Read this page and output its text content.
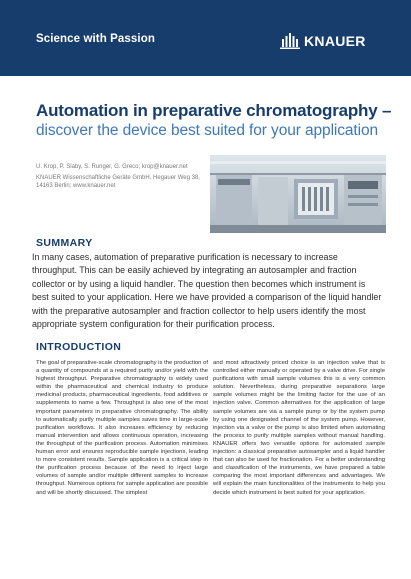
Science with Passion	KNAUER
Automation in preparative chromatography –
discover the device best suited for your application
U. Krop, P. Slaby, S. Runger, G. Greco; krop@knauer.net
KNAUER Wissenschaftliche Geräte GmbH, Hegauer Weg 38, 14163 Berlin; www.knauer.net
SUMMARY
In many cases, automation of preparative purification is necessary to increase throughput. This can be easily achieved by integrating an autosampler and fraction collector or by using a liquid handler. The question then becomes which instrument is best suited to your application. Here we have provided a comparison of the liquid handler with the preparative autosampler and fraction collector to help users identify the most appropriate system configuration for their purification process.
INTRODUCTION
The goal of preparative-scale chromatography is the production of a quantity of compounds at a required purity and/or yield with the highest throughput. Preparative chromatography is widely used within the pharmaceutical and chemical industry to produce medicinal products, pharmaceutical ingredients, food additives or supplements to name a few. Throughput is also one of the most important parameters in preparative chromatography. The ability to automatically purify multiple samples saves time in large-scale purification workflows. It also increases efficiency by reducing manual intervention and allows continuous operation, increasing the throughput of the purification process. Automation minimises human error and ensures reproducible sample injections, leading to more consistent results. Sample application is a critical step in the purification process because of the need to inject large volumes of sample and/or multiple different samples to increase throughput. Numerous options for sample application are possible and will be shortly discussed. The simplest
and most attractively priced choice is an injection valve that is controlled either manually or operated by a valve drive. For single purifications with small sample volumes this is a very common solution. Nevertheless, during preparative separations large sample volumes might be the limiting factor for the use of an injection valve. Common alternatives for the application of large sample volumes are via a sample pump or by the system pump by using one designated channel of the system pump. However, injection via a valve or the pump is also limited when automating the process to purify multiple samples without manual handling. KNAUER offers two versatile options for automated sample injection: a classical preparative autosampler and a liquid handler that can also be used for fractionation. For a better understanding and classification of the instruments, we have prepared a table comparing the most important differences and advantages. We will explain the main functionalities of the instruments to help you decide which instrument is best suited for your application.
